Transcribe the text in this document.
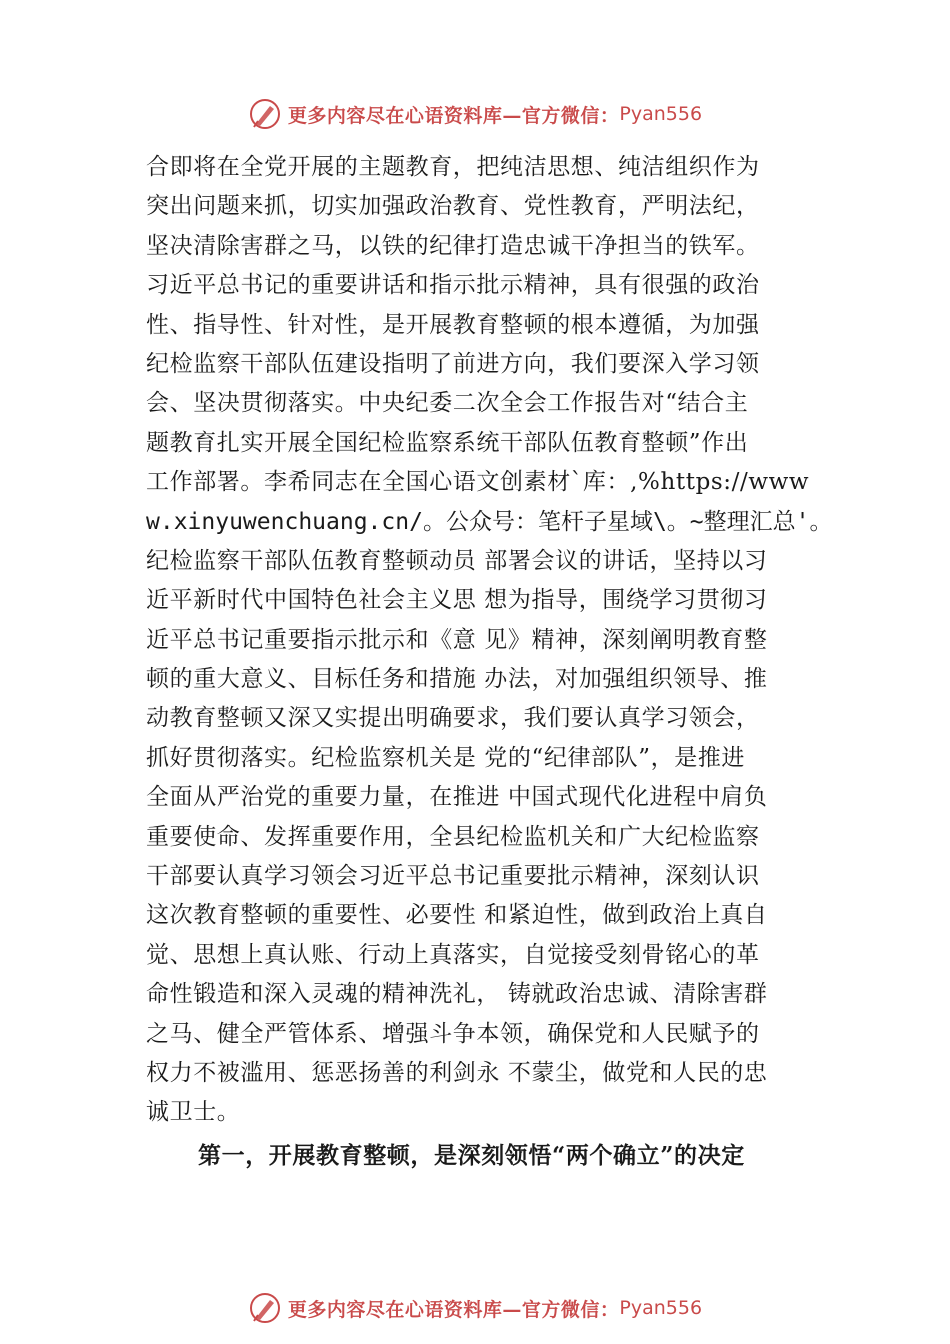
更多内容尽在心语资料库—官方微信： Pyan556
合即将在全党开展的主题教育，把纯洁思想、纯洁组织作为
突出问题来抓，切实加强政治教育、党性教育，严明法纪，
坚决清除害群之马，以铁的纪律打造忠诚干净担当的铁军。
习近平总书记的重要讲话和指示批示精神，具有很强的政治
性、指导性、针对性，是开展教育整顿的根本遵循，为加强
纪检监察干部队伍建设指明了前进方向，我们要深入学习领
会、坚决贯彻落实。中央纪委二次全会工作报告对“结合主
题教育扎实开展全国纪检监察系统干部队伍教育整顿”作出
工作部署。李希同志在全国心语文创素材`库：,%https://www
w.xinyuwenchuang.cn/。公众号：笔杆子星域\。~整理汇总'。
纪检监察干部队伍教育整顿动员 部署会议的讲话，坚持以习
近平新时代中国特色社会主义思 想为指导，围绕学习贯彻习
近平总书记重要指示批示和《意 见》精神，深刻阐明教育整
顿的重大意义、目标任务和措施 办法，对加强组织领导、推
动教育整顿又深又实提出明确要求，我们要认真学习领会，
抓好贯彻落实。纪检监察机关是 党的“纪律部队”，是推进
全面从严治党的重要力量，在推进 中国式现代化进程中肩负
重要使命、发挥重要作用，全县纪检监机关和广大纪检监察
干部要认真学习领会习近平总书记重要批示精神，深刻认识
这次教育整顿的重要性、必要性 和紧迫性，做到政治上真自
觉、思想上真认账、行动上真落实，自觉接受刻骨铭心的革
命性锻造和深入灵魂的精神洗礼， 铸就政治忠诚、清除害群
之马、健全严管体系、增强斗争本领，确保党和人民赋予的
权力不被滥用、惩恶扬善的利剑永 不蒙尘，做党和人民的忠
诚卫士。
第一，开展教育整顿，是深刻领悟“两个确立”的决定
更多内容尽在心语资料库—官方微信： Pyan556
